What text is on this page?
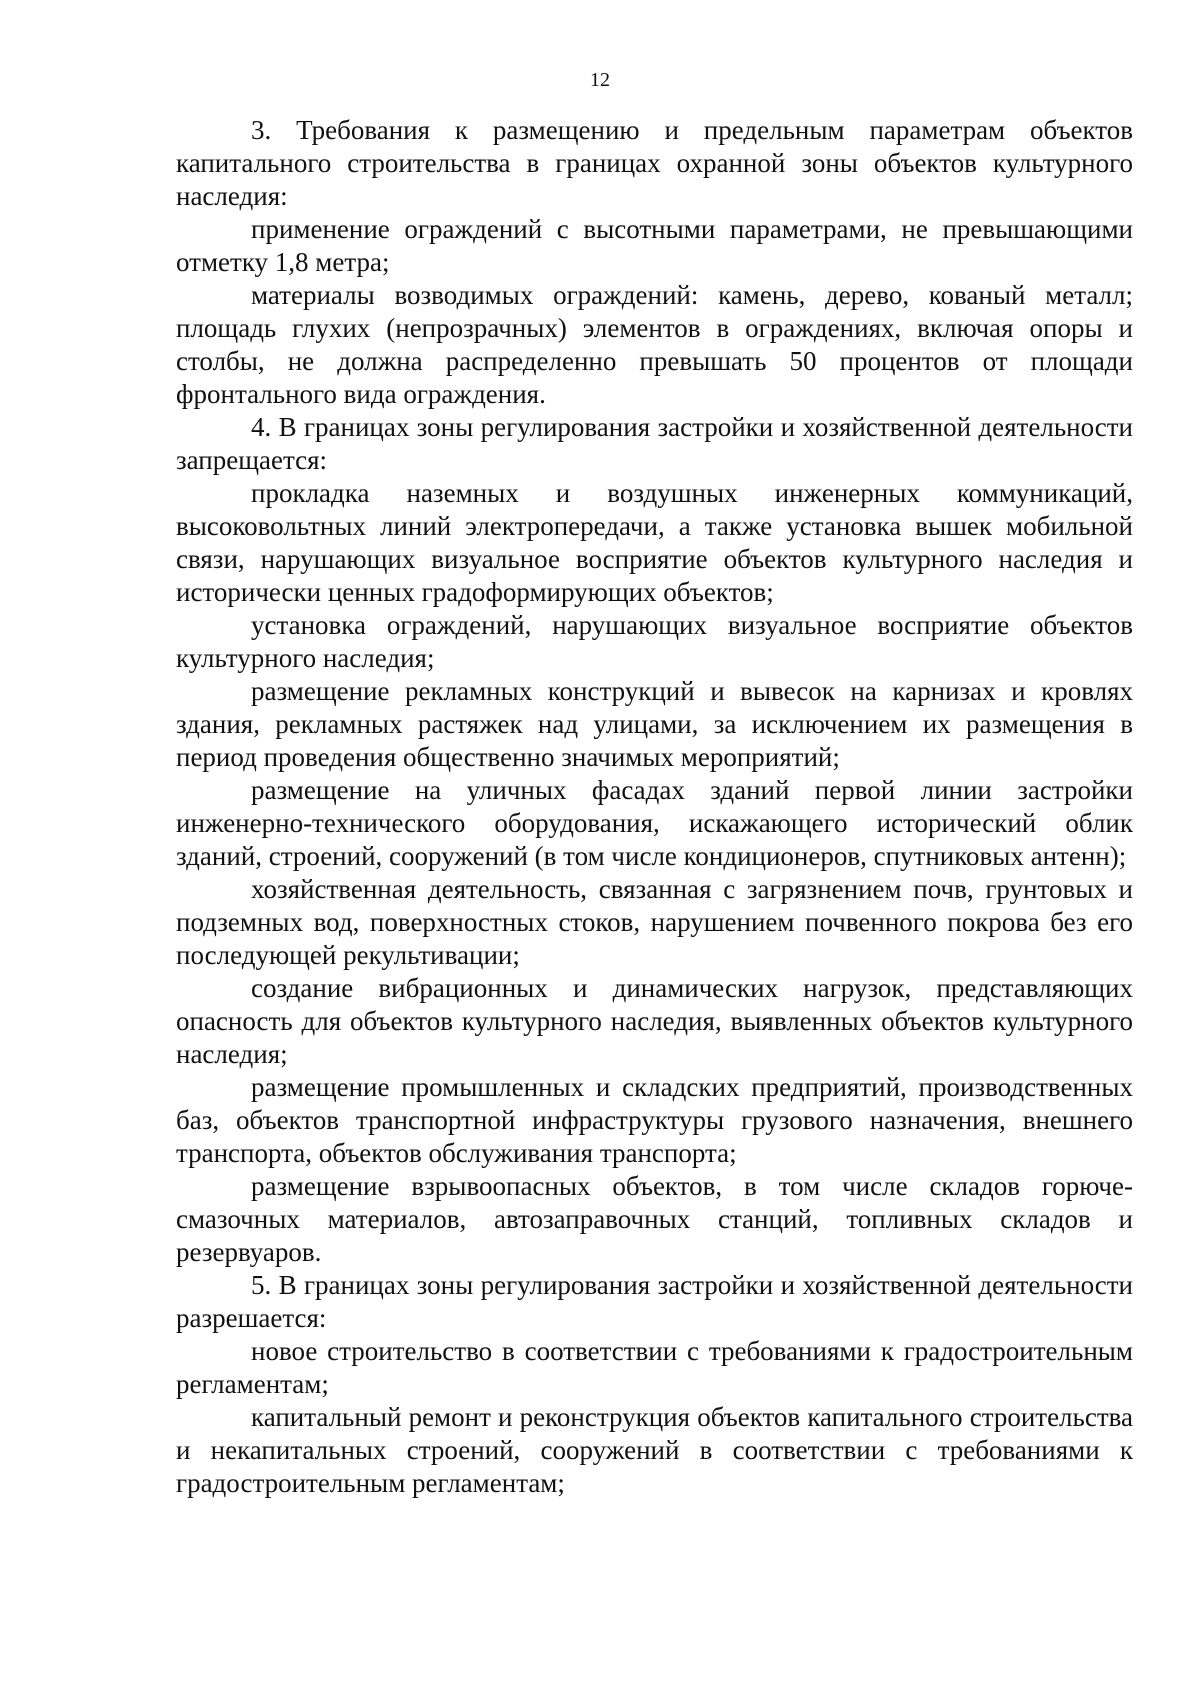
12

3. Требования к размещению и предельным параметрам объектов капитального строительства в границах охранной зоны объектов культурного наследия:

применение ограждений с высотными параметрами, не превышающими отметку 1,8 метра;

материалы возводимых ограждений: камень, дерево, кованый металл; площадь глухих (непрозрачных) элементов в ограждениях, включая опоры и столбы, не должна распределенно превышать 50 процентов от площади фронтального вида ограждения.

4. В границах зоны регулирования застройки и хозяйственной деятельности запрещается:

прокладка наземных и воздушных инженерных коммуникаций, высоковольтных линий электропередачи, а также установка вышек мобильной связи, нарушающих визуальное восприятие объектов культурного наследия и исторически ценных градоформирующих объектов;

установка ограждений, нарушающих визуальное восприятие объектов культурного наследия;

размещение рекламных конструкций и вывесок на карнизах и кровлях здания, рекламных растяжек над улицами, за исключением их размещения в период проведения общественно значимых мероприятий;

размещение на уличных фасадах зданий первой линии застройки инженерно-технического оборудования, искажающего исторический облик зданий, строений, сооружений (в том числе кондиционеров, спутниковых антенн);

хозяйственная деятельность, связанная с загрязнением почв, грунтовых и подземных вод, поверхностных стоков, нарушением почвенного покрова без его последующей рекультивации;

создание вибрационных и динамических нагрузок, представляющих опасность для объектов культурного наследия, выявленных объектов культурного наследия;

размещение промышленных и складских предприятий, производственных баз, объектов транспортной инфраструктуры грузового назначения, внешнего транспорта, объектов обслуживания транспорта;

размещение взрывоопасных объектов, в том числе складов горюче-смазочных материалов, автозаправочных станций, топливных складов и резервуаров.

5. В границах зоны регулирования застройки и хозяйственной деятельности разрешается:

новое строительство в соответствии с требованиями к градостроительным регламентам;

капитальный ремонт и реконструкция объектов капитального строительства и некапитальных строений, сооружений в соответствии с требованиями к градостроительным регламентам;
